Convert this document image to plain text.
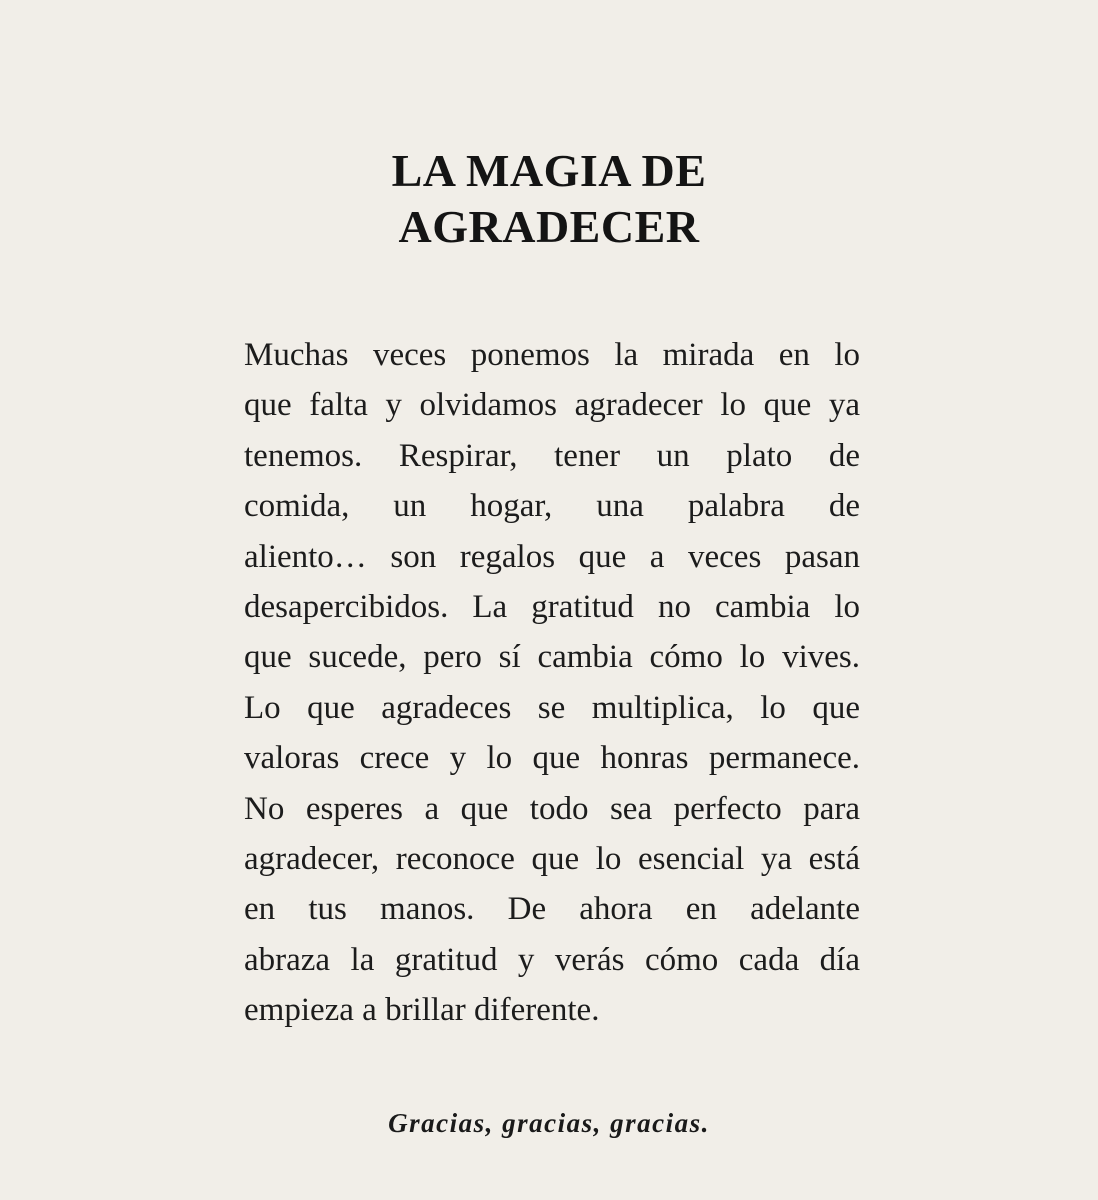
LA MAGIA DE
AGRADECER
Muchas veces ponemos la mirada en lo
que falta y olvidamos agradecer lo que ya
tenemos. Respirar, tener un plato de
comida, un hogar, una palabra de
aliento… son regalos que a veces pasan
desapercibidos. La gratitud no cambia lo
que sucede, pero sí cambia cómo lo vives.
Lo que agradeces se multiplica, lo que
valoras crece y lo que honras permanece.
No esperes a que todo sea perfecto para
agradecer, reconoce que lo esencial ya está
en tus manos. De ahora en adelante
abraza la gratitud y verás cómo cada día
empieza a brillar diferente.
Gracias, gracias, gracias.
